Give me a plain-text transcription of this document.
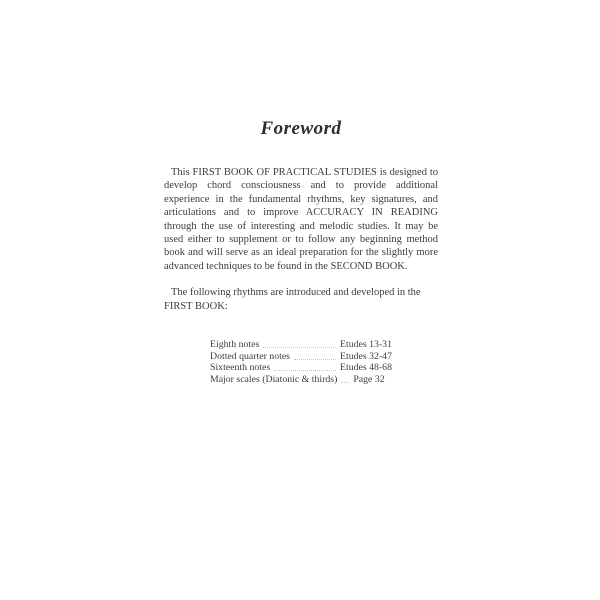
Foreword

This FIRST BOOK OF PRACTICAL STUDIES is designed to develop chord consciousness and to provide additional experience in the fundamental rhythms, key signatures, and articulations and to improve ACCURACY IN READING through the use of interesting and melodic studies. It may be used either to supplement or to follow any beginning method book and will serve as an ideal preparation for the slightly more advanced techniques to be found in the SECOND BOOK.

The following rhythms are introduced and developed in the FIRST BOOK:

Eighth notes	Etudes 13-31
Dotted quarter notes	Etudes 32-47
Sixteenth notes	Etudes 48-68
Major scales (Diatonic & thirds) Page 32
